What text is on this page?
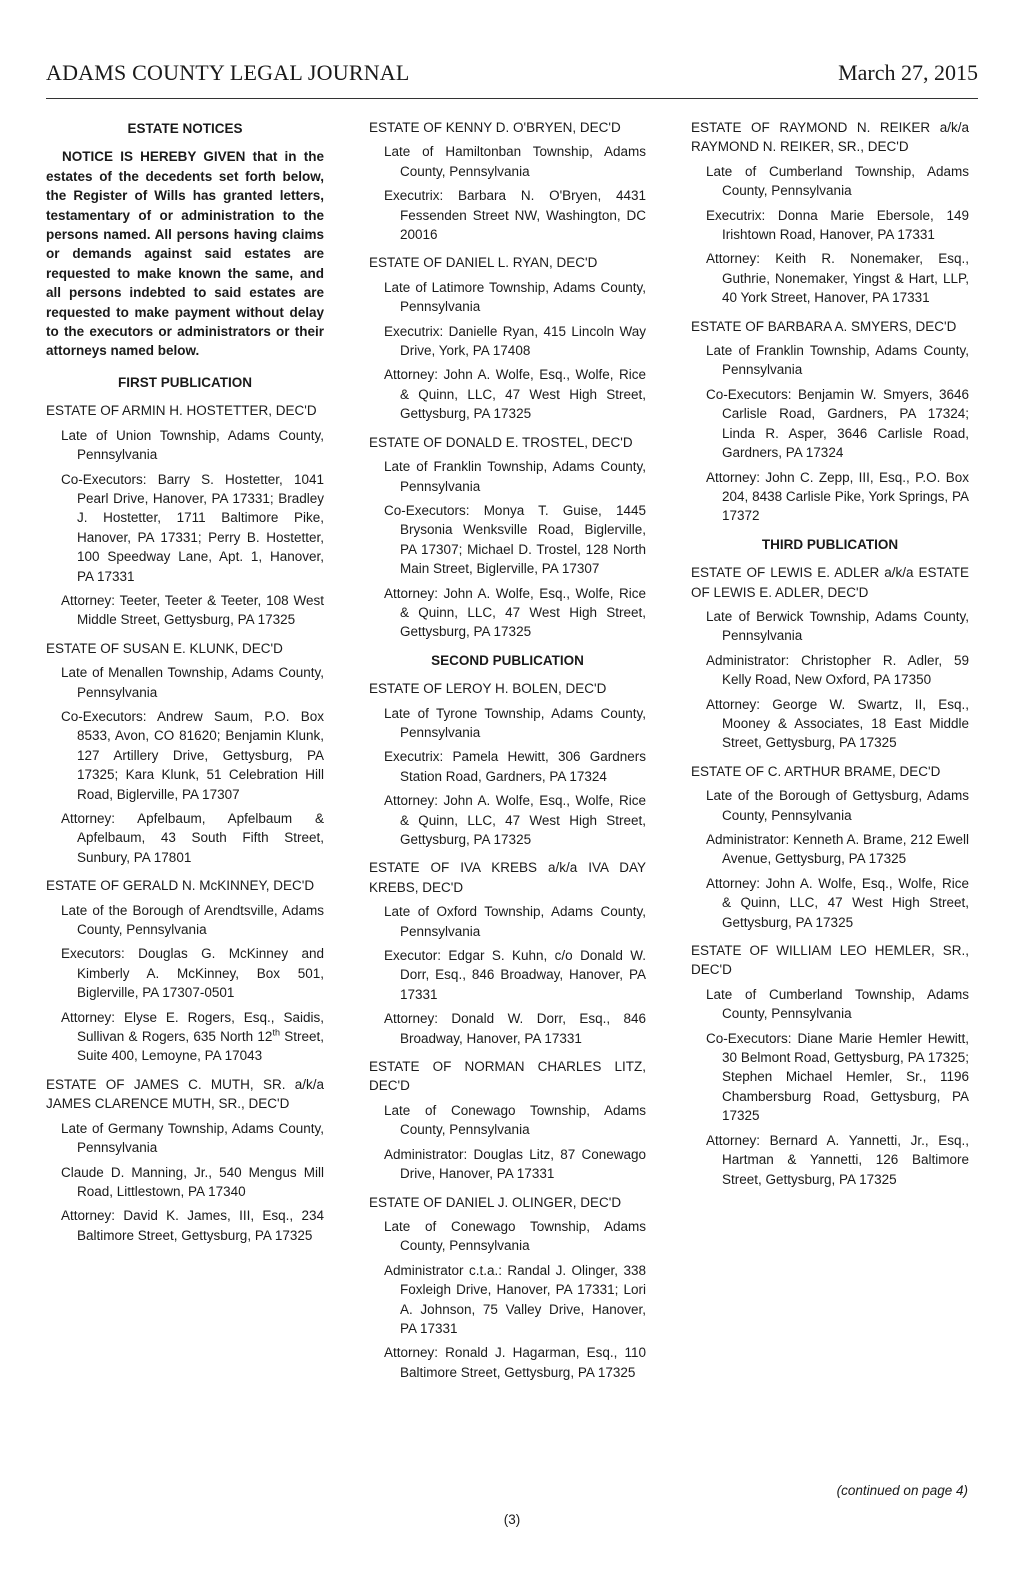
ADAMS COUNTY LEGAL JOURNAL	March 27, 2015
ESTATE NOTICES

NOTICE IS HEREBY GIVEN that in the estates of the decedents set forth below, the Register of Wills has granted letters, testamentary of or administration to the persons named. All persons having claims or demands against said estates are requested to make known the same, and all persons indebted to said estates are requested to make payment without delay to the executors or administrators or their attorneys named below.

FIRST PUBLICATION
ESTATE OF ARMIN H. HOSTETTER, DEC'D
Late of Union Township, Adams County, Pennsylvania
Co-Executors: Barry S. Hostetter, 1041 Pearl Drive, Hanover, PA 17331; Bradley J. Hostetter, 1711 Baltimore Pike, Hanover, PA 17331; Perry B. Hostetter, 100 Speedway Lane, Apt. 1, Hanover, PA 17331
Attorney: Teeter, Teeter & Teeter, 108 West Middle Street, Gettysburg, PA 17325
ESTATE OF SUSAN E. KLUNK, DEC'D
Late of Menallen Township, Adams County, Pennsylvania
Co-Executors: Andrew Saum, P.O. Box 8533, Avon, CO 81620; Benjamin Klunk, 127 Artillery Drive, Gettysburg, PA 17325; Kara Klunk, 51 Celebration Hill Road, Biglerville, PA 17307
Attorney: Apfelbaum, Apfelbaum & Apfelbaum, 43 South Fifth Street, Sunbury, PA 17801
ESTATE OF GERALD N. McKINNEY, DEC'D
Late of the Borough of Arendtsville, Adams County, Pennsylvania
Executors: Douglas G. McKinney and Kimberly A. McKinney, Box 501, Biglerville, PA 17307-0501
Attorney: Elyse E. Rogers, Esq., Saidis, Sullivan & Rogers, 635 North 12th Street, Suite 400, Lemoyne, PA 17043
ESTATE OF JAMES C. MUTH, SR. a/k/a JAMES CLARENCE MUTH, SR., DEC'D
Late of Germany Township, Adams County, Pennsylvania
Claude D. Manning, Jr., 540 Mengus Mill Road, Littlestown, PA 17340
Attorney: David K. James, III, Esq., 234 Baltimore Street, Gettysburg, PA 17325
ESTATE OF KENNY D. O'BRYEN, DEC'D
Late of Hamiltonban Township, Adams County, Pennsylvania
Executrix: Barbara N. O'Bryen, 4431 Fessenden Street NW, Washington, DC 20016
ESTATE OF DANIEL L. RYAN, DEC'D
Late of Latimore Township, Adams County, Pennsylvania
Executrix: Danielle Ryan, 415 Lincoln Way Drive, York, PA 17408
Attorney: John A. Wolfe, Esq., Wolfe, Rice & Quinn, LLC, 47 West High Street, Gettysburg, PA 17325
ESTATE OF DONALD E. TROSTEL, DEC'D
Late of Franklin Township, Adams County, Pennsylvania
Co-Executors: Monya T. Guise, 1445 Brysonia Wenksville Road, Biglerville, PA 17307; Michael D. Trostel, 128 North Main Street, Biglerville, PA 17307
Attorney: John A. Wolfe, Esq., Wolfe, Rice & Quinn, LLC, 47 West High Street, Gettysburg, PA 17325
SECOND PUBLICATION
ESTATE OF LEROY H. BOLEN, DEC'D
Late of Tyrone Township, Adams County, Pennsylvania
Executrix: Pamela Hewitt, 306 Gardners Station Road, Gardners, PA 17324
Attorney: John A. Wolfe, Esq., Wolfe, Rice & Quinn, LLC, 47 West High Street, Gettysburg, PA 17325
ESTATE OF IVA KREBS a/k/a IVA DAY KREBS, DEC'D
Late of Oxford Township, Adams County, Pennsylvania
Executor: Edgar S. Kuhn, c/o Donald W. Dorr, Esq., 846 Broadway, Hanover, PA 17331
Attorney: Donald W. Dorr, Esq., 846 Broadway, Hanover, PA 17331
ESTATE OF NORMAN CHARLES LITZ, DEC'D
Late of Conewago Township, Adams County, Pennsylvania
Administrator: Douglas Litz, 87 Conewago Drive, Hanover, PA 17331
ESTATE OF DANIEL J. OLINGER, DEC'D
Late of Conewago Township, Adams County, Pennsylvania
Administrator c.t.a.: Randal J. Olinger, 338 Foxleigh Drive, Hanover, PA 17331; Lori A. Johnson, 75 Valley Drive, Hanover, PA 17331
Attorney: Ronald J. Hagarman, Esq., 110 Baltimore Street, Gettysburg, PA 17325
ESTATE OF RAYMOND N. REIKER a/k/a RAYMOND N. REIKER, SR., DEC'D
Late of Cumberland Township, Adams County, Pennsylvania
Executrix: Donna Marie Ebersole, 149 Irishtown Road, Hanover, PA 17331
Attorney: Keith R. Nonemaker, Esq., Guthrie, Nonemaker, Yingst & Hart, LLP, 40 York Street, Hanover, PA 17331
ESTATE OF BARBARA A. SMYERS, DEC'D
Late of Franklin Township, Adams County, Pennsylvania
Co-Executors: Benjamin W. Smyers, 3646 Carlisle Road, Gardners, PA 17324; Linda R. Asper, 3646 Carlisle Road, Gardners, PA 17324
Attorney: John C. Zepp, III, Esq., P.O. Box 204, 8438 Carlisle Pike, York Springs, PA 17372
THIRD PUBLICATION
ESTATE OF LEWIS E. ADLER a/k/a ESTATE OF LEWIS E. ADLER, DEC'D
Late of Berwick Township, Adams County, Pennsylvania
Administrator: Christopher R. Adler, 59 Kelly Road, New Oxford, PA 17350
Attorney: George W. Swartz, II, Esq., Mooney & Associates, 18 East Middle Street, Gettysburg, PA 17325
ESTATE OF C. ARTHUR BRAME, DEC'D
Late of the Borough of Gettysburg, Adams County, Pennsylvania
Administrator: Kenneth A. Brame, 212 Ewell Avenue, Gettysburg, PA 17325
Attorney: John A. Wolfe, Esq., Wolfe, Rice & Quinn, LLC, 47 West High Street, Gettysburg, PA 17325
ESTATE OF WILLIAM LEO HEMLER, SR., DEC'D
Late of Cumberland Township, Adams County, Pennsylvania
Co-Executors: Diane Marie Hemler Hewitt, 30 Belmont Road, Gettysburg, PA 17325; Stephen Michael Hemler, Sr., 1196 Chambersburg Road, Gettysburg, PA 17325
Attorney: Bernard A. Yannetti, Jr., Esq., Hartman & Yannetti, 126 Baltimore Street, Gettysburg, PA 17325
(continued on page 4)
(3)
